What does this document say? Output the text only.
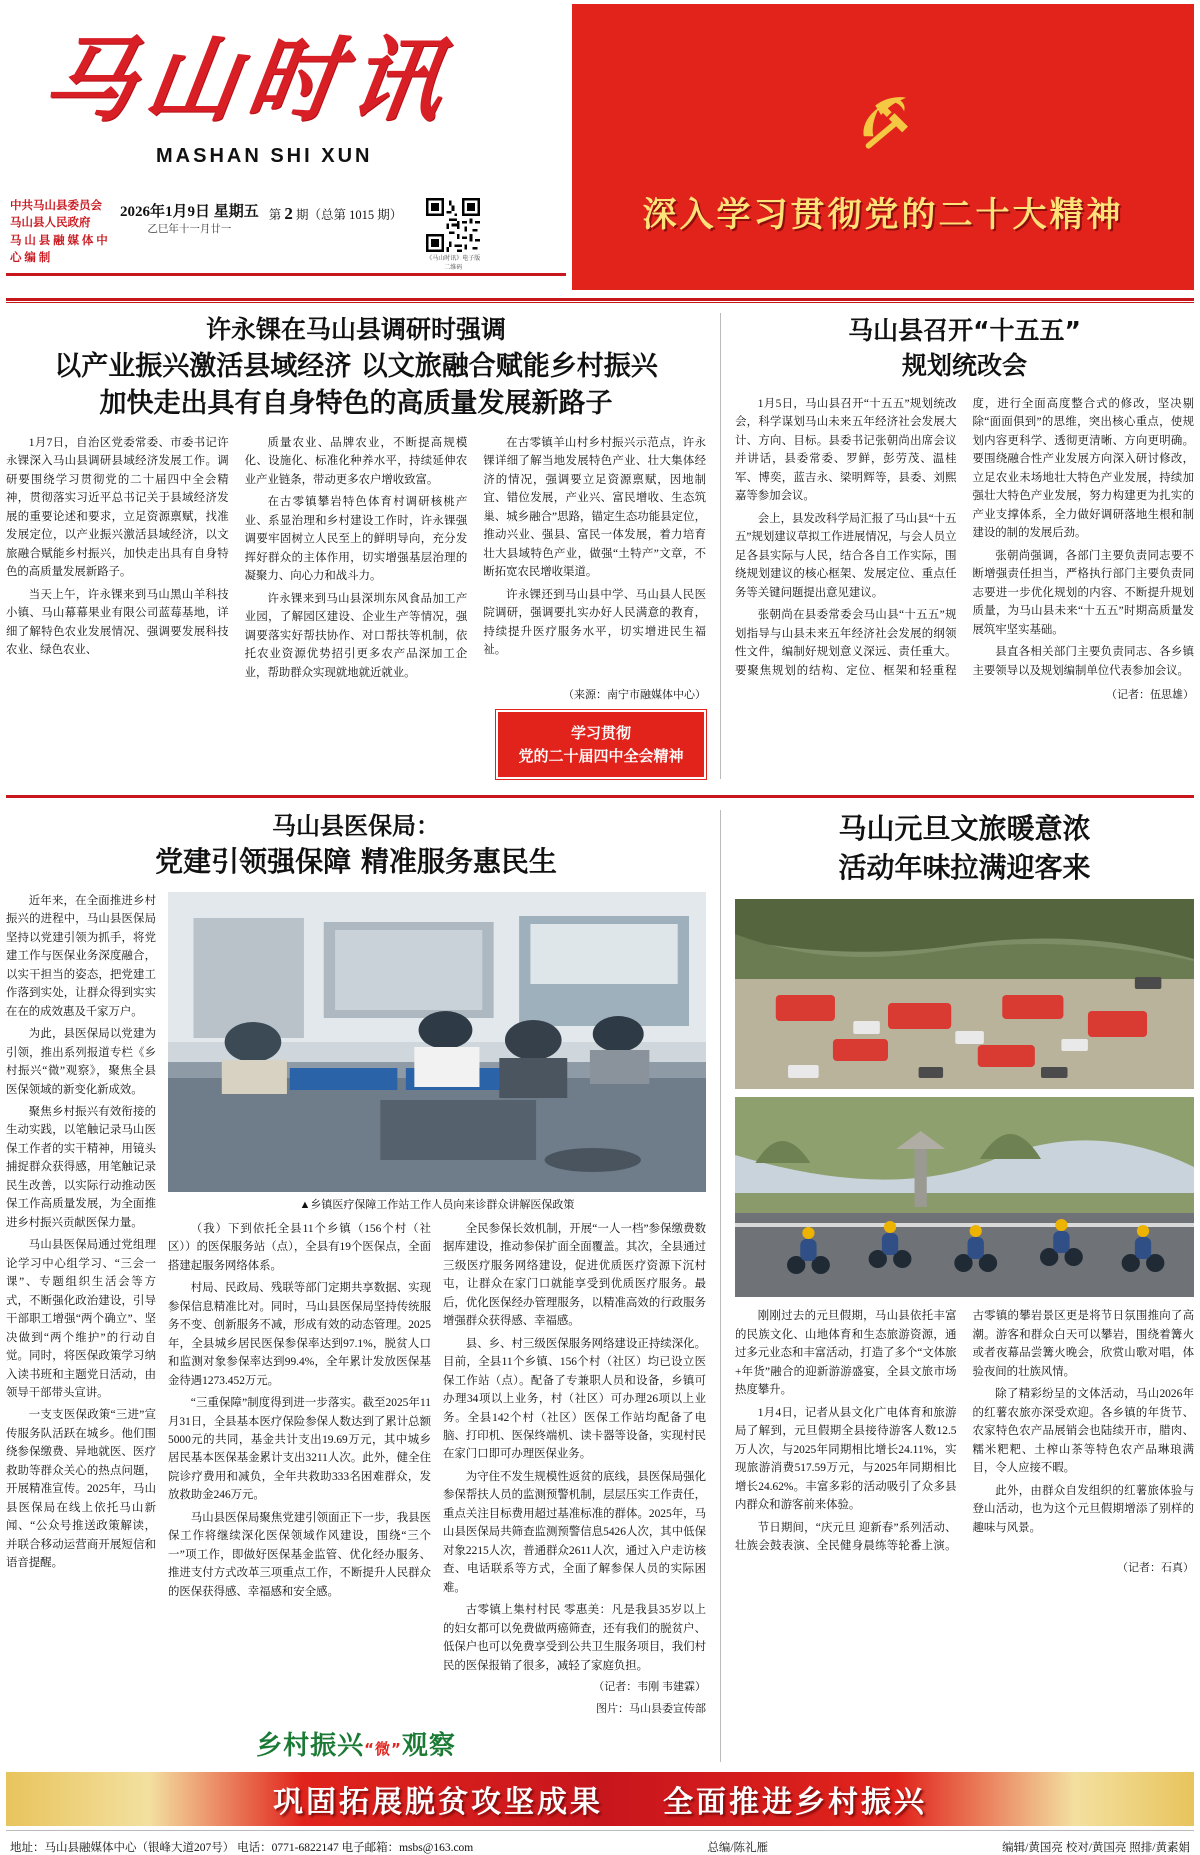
马山时讯
MASHAN SHI XUN
中共马山县委员会 马山县人民政府
马 山 县 融 媒 体 中 心 编 制
2026年1月9日 星期五
乙巳年十一月廿一
第 2 期（总第 1015 期）
《马山时讯》电子版二维码
深入学习贯彻党的二十大精神
许永锞在马山县调研时强调
以产业振兴激活县域经济 以文旅融合赋能乡村振兴
加快走出具有自身特色的高质量发展新路子

1月7日，自治区党委常委、市委书记许永锞深入马山县调研县域经济发展工作。调研要围绕学习贯彻党的二十届四中全会精神，贯彻落实习近平总书记关于县域经济发展的重要论述和要求，立足资源禀赋，找准发展定位，以产业振兴激活县域经济，以文旅融合赋能乡村振兴，加快走出具有自身特色的高质量发展新路子。

当天上午，许永锞来到马山黑山羊科技小镇、马山幕幕果业有限公司蓝莓基地，详细了解特色农业发展情况、强调要发展科技农业、绿色农业、

质量农业、品牌农业，不断提高规模化、设施化、标准化种养水平，持续延伸农业产业链条，带动更多农户增收致富。

在古零镇攀岩特色体育村调研核桃产业、系显治理和乡村建设工作时，许永锞强调要牢固树立人民至上的鲜明导向，充分发挥好群众的主体作用，切实增强基层治理的凝聚力、向心力和战斗力。

许永锞来到马山县深圳东风食品加工产业园，了解园区建设、企业生产等情况，强调要落实好帮扶协作、对口帮扶等机制，依托农业资源优势招引更多农产品深加工企业，帮助群众实现就地就近就业。

在古零镇羊山村乡村振兴示范点，许永锞详细了解当地发展特色产业、壮大集体经济的情况，强调要立足资源禀赋，因地制宜、错位发展，产业兴、富民增收、生态筑巢、城乡融合”思路，锚定生态功能县定位，推动兴业、强县、富民一体发展，着力培育壮大县域特色产业，做强“土特产”文章，不断拓宽农民增收渠道。

许永锞还到马山县中学、马山县人民医院调研，强调要扎实办好人民满意的教育，持续提升医疗服务水平，切实增进民生福祉。

（来源：南宁市融媒体中心）
学习贯彻
党的二十届四中全会精神
马山县召开“十五五”
规划统改会

1月5日，马山县召开“十五五”规划统改会，科学谋划马山未来五年经济社会发展大计、方向、目标。县委书记张朝尚出席会议并讲话，县委常委、罗鲜，彭劳茂、温桂军、博奕，蓝吉永、梁明辉等，县委、刘熙嘉等参加会议。

会上，县发改科学局汇报了马山县“十五五”规划建议草拟工作进展情况，与会人员立足各县实际与人民，结合各自工作实际，围绕规划建议的核心框架、发展定位、重点任务等关键问题提出意见建议。

张朝尚在县委常委会马山县“十五五”规划指导与山县未来五年经济社会发展的纲领性文件，编制好规划意义深远、责任重大。要聚焦规划的结构、定位、框架和轻重程度，进行全面高度整合式的修改，坚决剔除“面面俱到”的思维，突出核心重点，使规划内容更科学、透彻更清晰、方向更明确。要围绕融合性产业发展方向深入研讨修改，立足农业未场地壮大特色产业发展，持续加强壮大特色产业发展，努力构建更为扎实的产业支撑体系，全力做好调研落地生根和制建设的制的发展后劲。

张朝尚强调，各部门主要负责同志要不断增强责任担当，严格执行部门主要负责同志要进一步优化规划的内容、不断提升规划质量，为马山县未来“十五五”时期高质量发展筑牢坚实基础。

县直各相关部门主要负责同志、各乡镇主要领导以及规划编制单位代表参加会议。

（记者：伍思雄）
马山县医保局：
党建引领强保障 精准服务惠民生

近年来，在全面推进乡村振兴的进程中，马山县医保局坚持以党建引领为抓手，将党建工作与医保业务深度融合，以实干担当的姿态，把党建工作落到实处，让群众得到实实在在的成效惠及千家万户。

为此，县医保局以党建为引领，推出系列报道专栏《乡村振兴“微”观察》，聚焦全县医保领域的新变化新成效。

聚焦乡村振兴有效衔接的生动实践，以笔触记录马山医保工作者的实干精神，用镜头捕捉群众获得感，用笔触记录民生改善，以实际行动推动医保工作高质量发展，为全面推进乡村振兴贡献医保力量。

马山县医保局通过党组理论学习中心组学习、“三会一课”、专题组织生活会等方式，不断强化政治建设，引导干部职工增强“两个确立”、坚决做到“两个维护”的行动自觉。同时，将医保政策学习纳入读书班和主题党日活动，由领导干部带头宣讲。

一支支医保政策“三进”宣传服务队活跃在城乡。他们围绕参保缴费、异地就医、医疗救助等群众关心的热点问题，开展精准宣传。2025年，马山县医保局在线上依托马山新闻、“公众号推送政策解读，并联合移动运营商开展短信和语音提醒。

▲乡镇医疗保障工作站工作人员向来诊群众讲解医保政策

（我）下到依托全县11个乡镇（156个村（社区））的医保服务站（点），全县有19个医保点，全面搭建起服务网络体系。

村局、民政局、残联等部门定期共享数据、实现参保信息精准比对。同时，马山县医保局坚持传统服务不变、创新服务不减，形成有效的动态管理。2025年，全县城乡居民医保参保率达到97.1%，脱贫人口和监测对象参保率达到99.4%，全年累计发放医保基金待遇1273.452万元。

“三重保障”制度得到进一步落实。截至2025年11月31日，全县基本医疗保险参保人数达到了累计总额5000元的共同，基金共计支出19.69万元，其中城乡居民基本医保基金累计支出3211人次。此外，健全住院诊疗费用和减负，全年共救助333名困难群众，发放救助金246万元。

马山县医保局聚焦党建引领面正下一步，我县医保工作将继续深化医保领域作风建设，围绕“三个一”项工作，即做好医保基金监管、优化经办服务、推进支付方式改革三项重点工作，不断提升人民群众的医保获得感、幸福感和安全感。

全民参保长效机制，开展“一人一档”参保缴费数据库建设，推动参保扩面全面覆盖。其次，全县通过三级医疗服务网络建设，促进优质医疗资源下沉村屯，让群众在家门口就能享受到优质医疗服务。最后，优化医保经办管理服务，以精准高效的行政服务增强群众获得感、幸福感。

县、乡、村三级医保服务网络建设正持续深化。目前，全县11个乡镇、156个村（社区）均已设立医保工作站（点）。配备了专兼职人员和设备，乡镇可办理34项以上业务，村（社区）可办理26项以上业务。全县142个村（社区）医保工作站均配备了电脑、打印机、医保终端机、读卡器等设备，实现村民在家门口即可办理医保业务。

为守住不发生规模性返贫的底线，县医保局强化参保帮扶人员的监测预警机制，层层压实工作责任，重点关注目标费用超过基准标准的群体。2025年，马山县医保局共筛查监测预警信息5426人次，其中低保对象2215人次，普通群众2611人次，通过入户走访核查、电话联系等方式，全面了解参保人员的实际困难。

古零镇上集村村民 零惠美：凡是我县35岁以上的妇女都可以免费做两癌筛查，还有我们的脱贫户、低保户也可以免费享受到公共卫生服务项目，我们村民的医保报销了很多，减轻了家庭负担。

（记者：韦刚 韦建霖）
图片：马山县委宣传部
乡村振兴“微”观察
马山元旦文旅暖意浓
活动年味拉满迎客来

刚刚过去的元旦假期，马山县依托丰富的民族文化、山地体育和生态旅游资源，通过多元业态和丰富活动，打造了多个“文体旅+年货”融合的迎新游游盛宴，全县文旅市场热度攀升。

1月4日，记者从县文化广电体育和旅游局了解到，元旦假期全县接待游客人数12.5万人次，与2025年同期相比增长24.11%，实现旅游消费517.59万元，与2025年同期相比增长24.62%。丰富多彩的活动吸引了众多县内群众和游客前来体验。

节日期间，“庆元旦 迎新春”系列活动、壮族会鼓表演、全民健身晨练等轮番上演。古零镇的攀岩景区更是将节日氛围推向了高潮。游客和群众白天可以攀岩，围绕着篝火或者夜幕品尝篝火晚会，欣赏山歌对唱，体验夜间的壮族风情。

除了精彩纷呈的文体活动，马山2026年的红薯农旅亦深受欢迎。各乡镇的年货节、农家特色农产品展销会也陆续开市，腊肉、糯米粑粑、土榨山茶等特色农产品琳琅满目，令人应接不暇。

此外，由群众自发组织的红薯旅体验与登山活动，也为这个元旦假期增添了别样的趣味与风景。

（记者：石真）
巩固拓展脱贫攻坚成果 全面推进乡村振兴
地址：马山县融媒体中心（银峰大道207号） 电话：0771-6822147 电子邮箱：msbs@163.com	总编/陈礼雁	编辑/黄国亮 校对/黄国亮 照排/黄素娟
